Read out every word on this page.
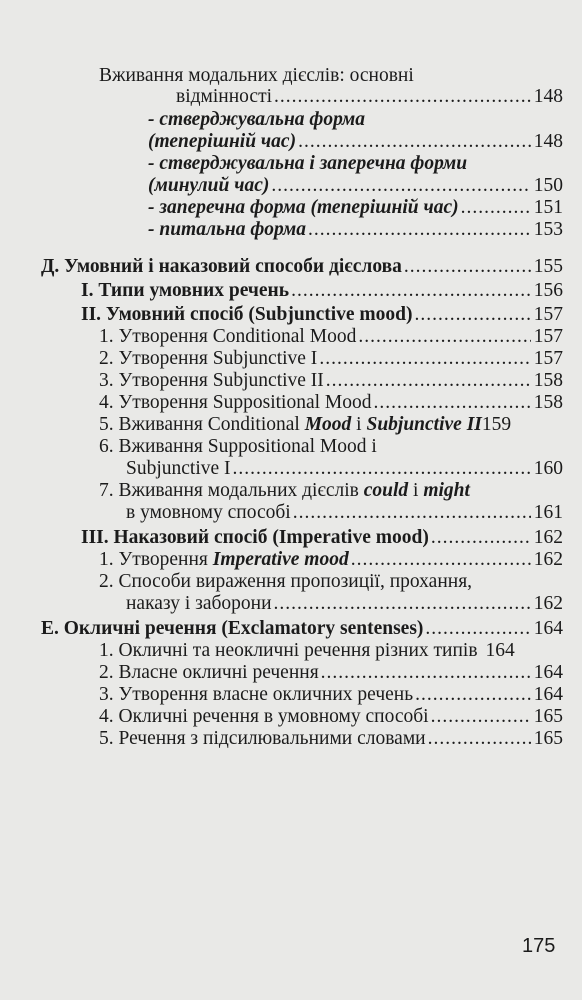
Вживання модальних дієслів: основні
відмінності .....	148
- стверджувальна форма
(теперішній час) .....	148
- стверджувальна і заперечна форми
(минулий час) .....	150
- заперечна форма (теперішній час) .....	151
- питальна форма .....	153
Д. Умовний і наказовий способи дієслова .....	155
І. Типи умовних речень .....	156
ІІ. Умовний спосіб (Subjunctive mood) .....	157
1. Утворення Conditional Mood .....	157
2. Утворення Subjunctive I .....	157
3. Утворення Subjunctive II .....	158
4. Утворення Suppositional Mood .....	158
5. Вживання Conditional Mood і Subjunctive II 159
6. Вживання Suppositional Mood і
Subjunctive I .....	160
7. Вживання модальних дієслів could і might
в умовному способі .....	161
ІІІ. Наказовий спосіб (Imperative mood) .....	162
1. Утворення Imperative mood .....	162
2. Способи вираження пропозиції, прохання,
наказу і заборони .....	162
Е. Окличні речення (Exclamatory sentenses) .....	164
1. Окличні та неокличні речення різних типів 164
2. Власне окличні речення .....	164
3. Утворення власне окличних речень .....	164
4. Окличні речення в умовному способі .....	165
5. Речення з підсилювальними словами .....	165
175
